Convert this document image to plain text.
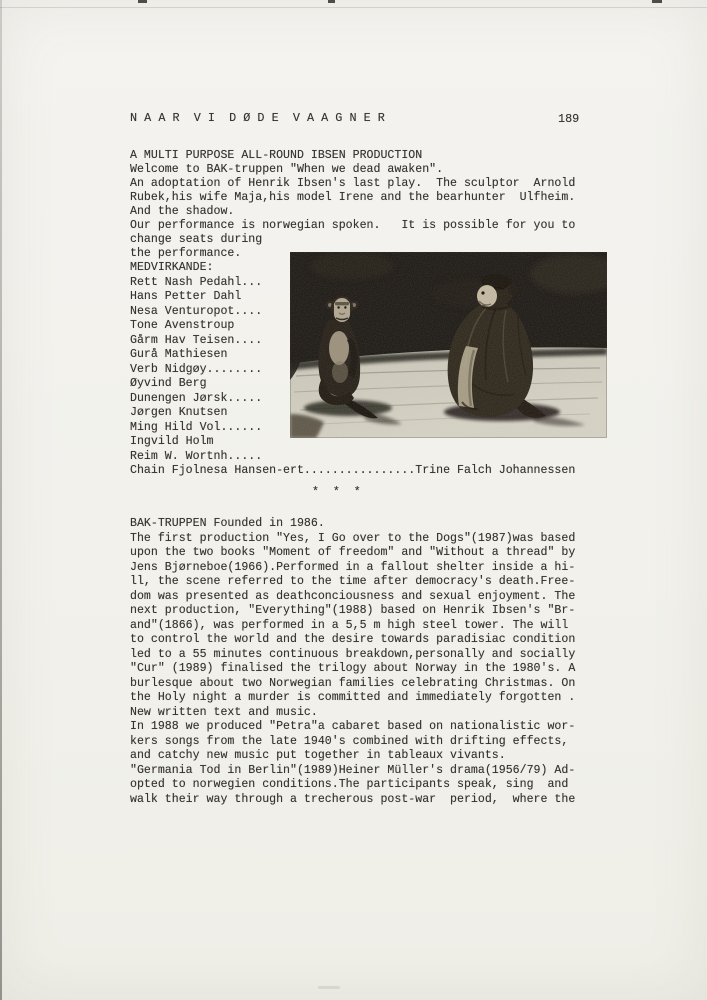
N A A R  V I  D Ø D E  V A A G N E R	189
A MULTI PURPOSE ALL-ROUND IBSEN PRODUCTION
Welcome to BAK-truppen "When we dead awaken".
An adoptation of Henrik Ibsen's last play.  The sculptor  Arnold
Rubek,his wife Maja,his model Irene and the bearhunter  Ulfheim.
And the shadow.
Our performance is norwegian spoken.   It is possible for you to
change seats during
the performance.
MEDVIRKANDE:
Rett Nash Pedahl...
Hans Petter Dahl
Nesa Venturopot....
Tone Avenstroup
Gårm Hav Teisen....
Gurå Mathiesen
Verb Nidgøy........
Øyvind Berg
Dunengen Jørsk.....
Jørgen Knutsen
Ming Hild Vol......
Ingvild Holm
Reim W. Wortnh.....
Chain Fjolnesa Hansen-ert................Trine Falch Johannessen
*  *  *
BAK-TRUPPEN Founded in 1986.
The first production "Yes, I Go over to the Dogs"(1987)was based
upon the two books "Moment of freedom" and "Without a thread" by
Jens Bjørneboe(1966).Performed in a fallout shelter inside a hi-
ll, the scene referred to the time after democracy's death.Free-
dom was presented as deathconciousness and sexual enjoyment. The
next production, "Everything"(1988) based on Henrik Ibsen's "Br-
and"(1866), was performed in a 5,5 m high steel tower. The will
to control the world and the desire towards paradisiac condition
led to a 55 minutes continuous breakdown,personally and socially
"Cur" (1989) finalised the trilogy about Norway in the 1980's. A
burlesque about two Norwegian families celebrating Christmas. On
the Holy night a murder is committed and immediately forgotten .
New written text and music.
In 1988 we produced "Petra"a cabaret based on nationalistic wor-
kers songs from the late 1940's combined with drifting effects,
and catchy new music put together in tableaux vivants.
"Germania Tod in Berlin"(1989)Heiner Müller's drama(1956/79) Ad-
opted to norwegien conditions.The participants speak, sing  and
walk their way through a trecherous post-war  period,  where the
